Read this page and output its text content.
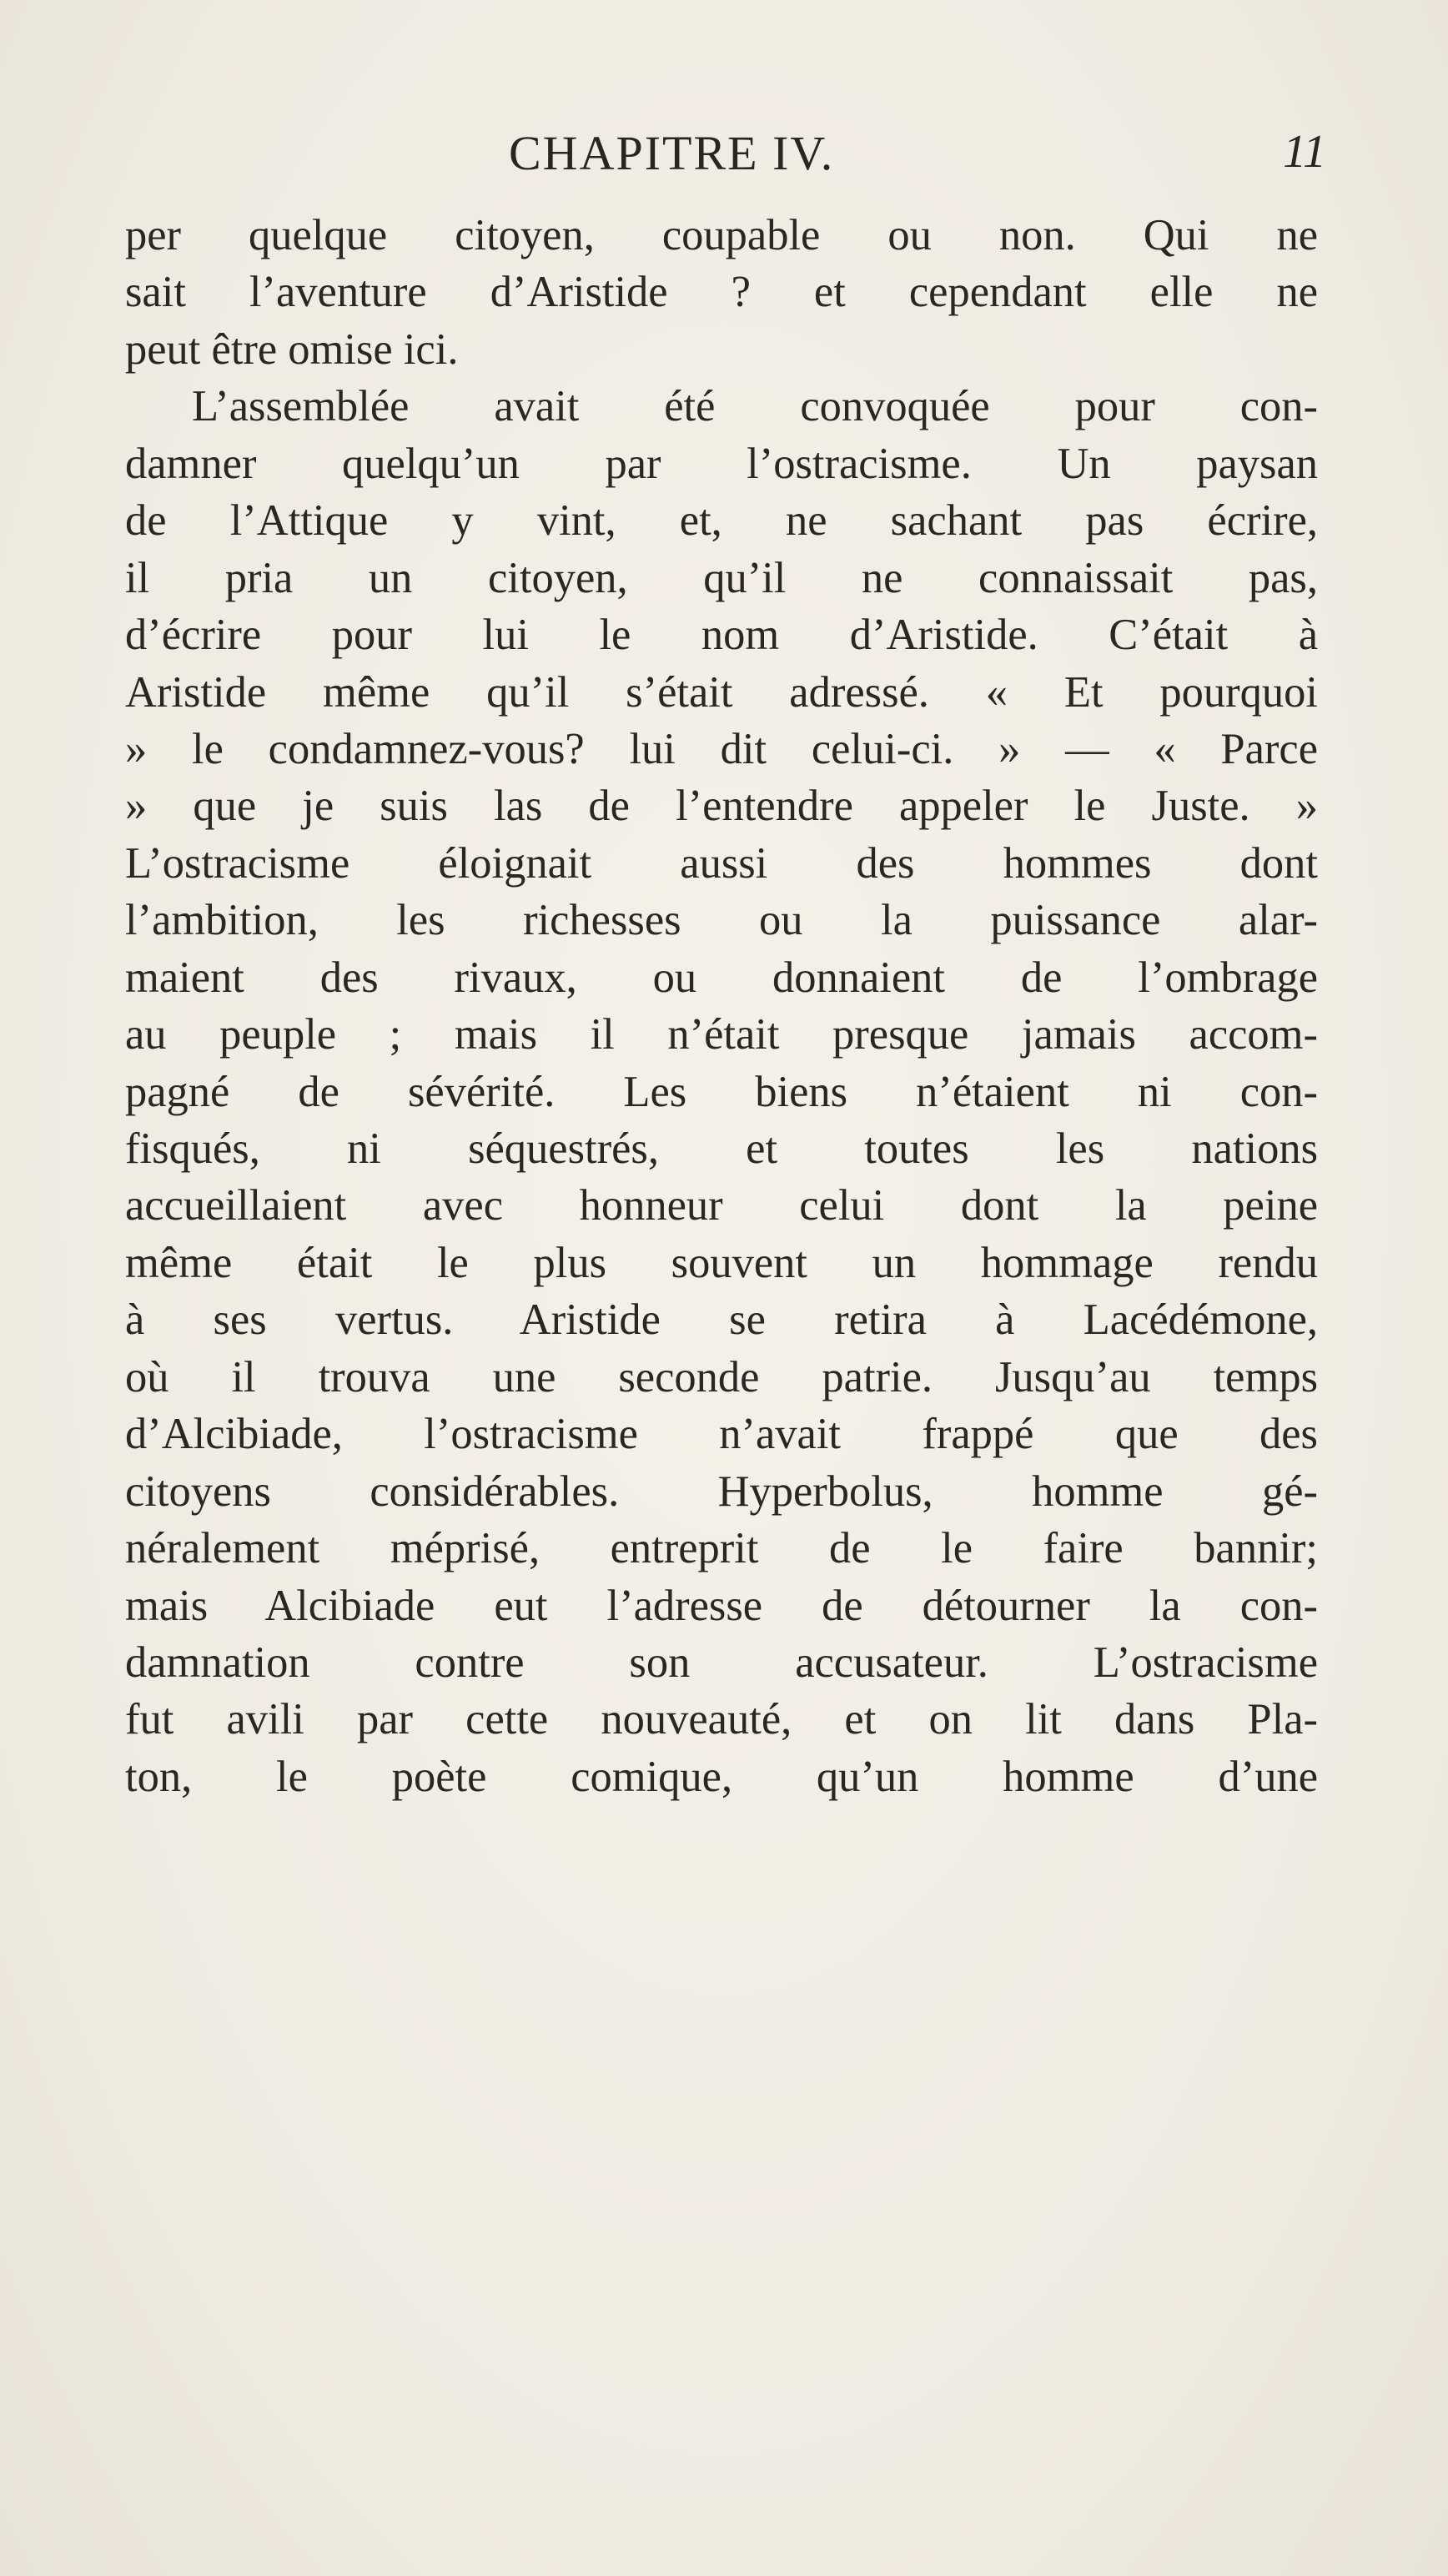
CHAPITRE IV.	11
per quelque citoyen, coupable ou non. Qui ne
sait l’aventure d’Aristide ? et cependant elle ne
peut être omise ici.
L’assemblée avait été convoquée pour con-
damner quelqu’un par l’ostracisme. Un paysan
de l’Attique y vint, et, ne sachant pas écrire,
il pria un citoyen, qu’il ne connaissait pas,
d’écrire pour lui le nom d’Aristide. C’était à
Aristide même qu’il s’était adressé. « Et pourquoi
» le condamnez-vous? lui dit celui-ci. » — « Parce
» que je suis las de l’entendre appeler le Juste. »
L’ostracisme éloignait aussi des hommes dont
l’ambition, les richesses ou la puissance alar-
maient des rivaux, ou donnaient de l’ombrage
au peuple ; mais il n’était presque jamais accom-
pagné de sévérité. Les biens n’étaient ni con-
fisqués, ni séquestrés, et toutes les nations
accueillaient avec honneur celui dont la peine
même était le plus souvent un hommage rendu
à ses vertus. Aristide se retira à Lacédémone,
où il trouva une seconde patrie. Jusqu’au temps
d’Alcibiade, l’ostracisme n’avait frappé que des
citoyens considérables. Hyperbolus, homme gé-
néralement méprisé, entreprit de le faire bannir;
mais Alcibiade eut l’adresse de détourner la con-
damnation contre son accusateur. L’ostracisme
fut avili par cette nouveauté, et on lit dans Pla-
ton, le poète comique, qu’un homme d’une
